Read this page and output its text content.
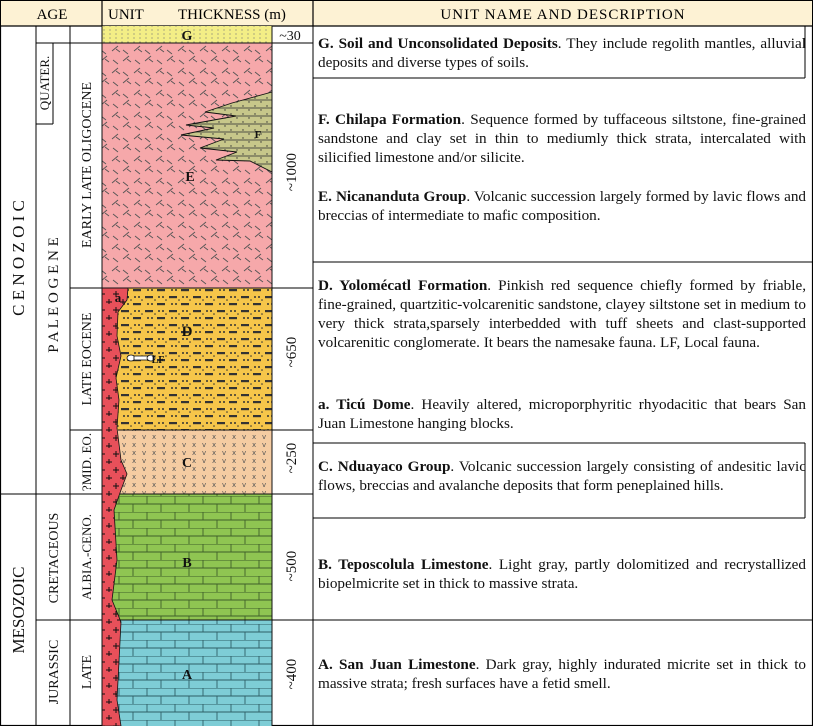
AGE	UNIT THICKNESS (m)	UNIT NAME AND DESCRIPTION
C E N O Z O I C
MESOZOIC
P A L E O G E N E
QUATER.
CRETACEOUS
JURASSIC
EARLY LATE OLIGOCENE
LATE EOCENE
?MID. EO.
ALBIA.-CENO.
LATE
G
F
E
D
a
LF
C
B
A
~30
~1000
~650
~250
~500
~400
G. Soil and Unconsolidated Deposits. They include regolith mantles, alluvial deposits and diverse types of soils.
F. Chilapa Formation. Sequence formed by tuffaceous siltstone, fine-grained sandstone and clay set in thin to mediumly thick strata, intercalated with silicified limestone and/or silicite.
E. Nicananduta Group. Volcanic succession largely formed by lavic flows and breccias of intermediate to mafic composition.
D. Yolomécatl Formation. Pinkish red sequence chiefly formed by friable, fine-grained, quartzitic-volcarenitic sandstone, clayey siltstone set in medium to very thick strata,sparsely interbedded with tuff sheets and clast-supported volcarenitic conglomerate. It bears the namesake fauna. LF, Local fauna.
a. Ticú Dome. Heavily altered, microporphyritic rhyodacitic that bears San Juan Limestone hanging blocks.
C. Nduayaco Group. Volcanic succession largely consisting of andesitic lavic flows, breccias and avalanche deposits that form peneplained hills.
B. Teposcolula Limestone. Light gray, partly dolomitized and recrystallized biopelmicrite set in thick to massive strata.
A. San Juan Limestone. Dark gray, highly indurated micrite set in thick to massive strata; fresh surfaces have a fetid smell.
